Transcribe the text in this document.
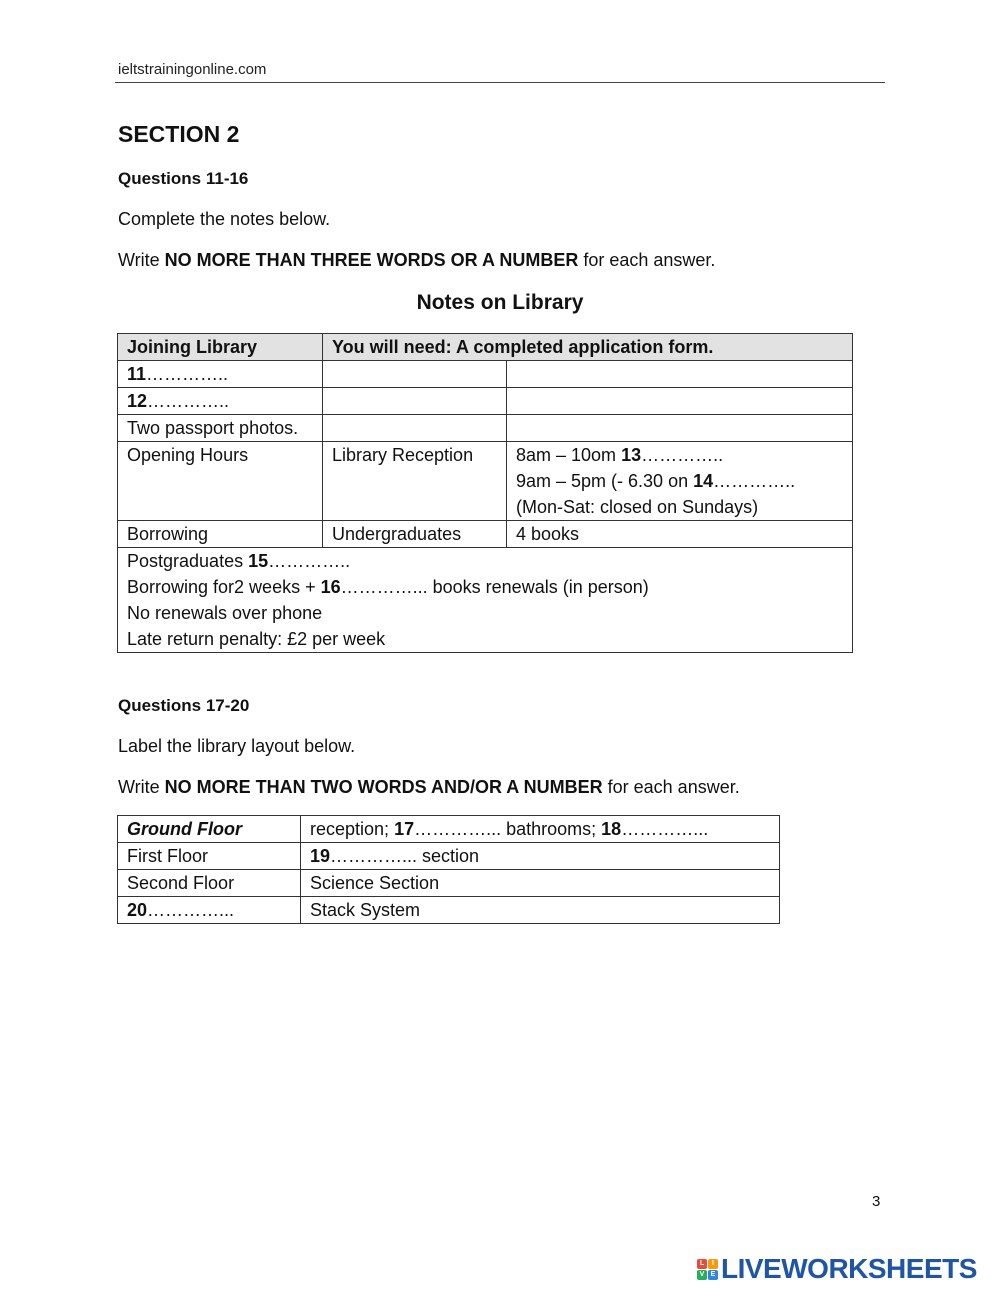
ieltstrainingonline.com
SECTION 2
Questions 11-16
Complete the notes below.
Write NO MORE THAN THREE WORDS OR A NUMBER for each answer.
Notes on Library
Joining Library	You will need: A completed application form.	
11…………..		
12…………..		
Two passport photos.		
Opening Hours	Library Reception	8am – 10om 13…………..
9am – 5pm (- 6.30 on 14…………..
(Mon-Sat: closed on Sundays)

Borrowing	Undergraduates	4 books

Postgraduates 15…………..
Borrowing for2 weeks + 16…………... books renewals (in person)
No renewals over phone
Late return penalty: £2 per week		
Questions 17-20
Label the library layout below.
Write NO MORE THAN TWO WORDS AND/OR A NUMBER for each answer.
Ground Floor	reception; 17…………... bathrooms; 18…………...
First Floor	19…………... section
Second Floor	Science Section
20…………...	Stack System
3
L	I
V E LIVEWORKSHEETS
